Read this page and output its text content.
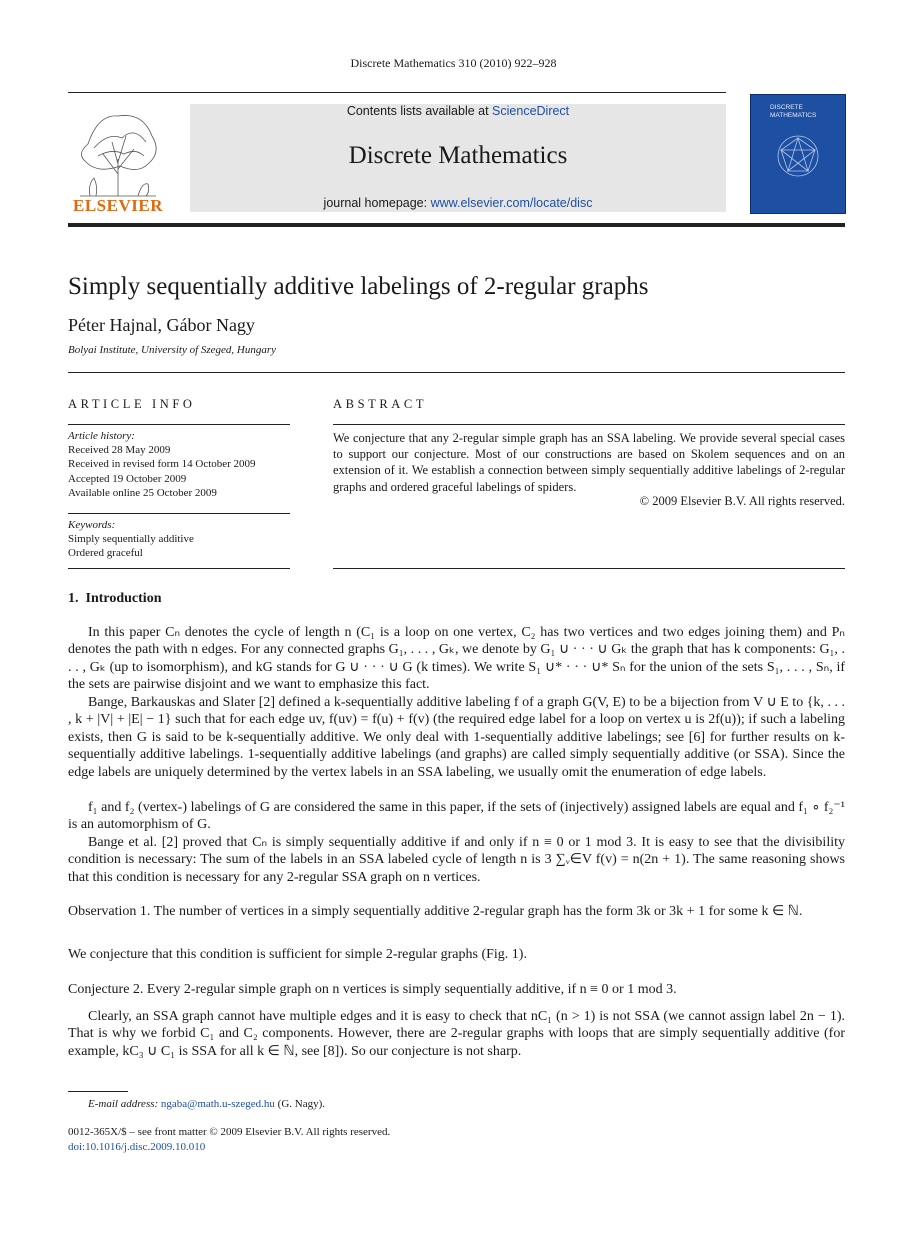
Discrete Mathematics 310 (2010) 922–928
ELSEVIER
Contents lists available at ScienceDirect
Discrete Mathematics
journal homepage: www.elsevier.com/locate/disc
DISCRETE MATHEMATICS
Simply sequentially additive labelings of 2-regular graphs
Péter Hajnal, Gábor Nagy
Bolyai Institute, University of Szeged, Hungary
ARTICLE INFO
Article history:
Received 28 May 2009
Received in revised form 14 October 2009
Accepted 19 October 2009
Available online 25 October 2009
Keywords:
Simply sequentially additive
Ordered graceful
ABSTRACT
We conjecture that any 2-regular simple graph has an SSA labeling. We provide several special cases to support our conjecture. Most of our constructions are based on Skolem sequences and on an extension of it. We establish a connection between simply sequentially additive labelings of 2-regular graphs and ordered graceful labelings of spiders.
© 2009 Elsevier B.V. All rights reserved.
1. Introduction
In this paper Cₙ denotes the cycle of length n (C₁ is a loop on one vertex, C₂ has two vertices and two edges joining them) and Pₙ denotes the path with n edges. For any connected graphs G₁, . . . , Gₖ, we denote by G₁ ∪ · · · ∪ Gₖ the graph that has k components: G₁, . . . , Gₖ (up to isomorphism), and kG stands for G ∪ · · · ∪ G (k times). We write S₁ ∪* · · · ∪* Sₙ for the union of the sets S₁, . . . , Sₙ, if the sets are pairwise disjoint and we want to emphasize this fact.
Bange, Barkauskas and Slater [2] defined a k-sequentially additive labeling f of a graph G(V, E) to be a bijection from V ∪ E to {k, . . . , k + |V| + |E| − 1} such that for each edge uv, f(uv) = f(u) + f(v) (the required edge label for a loop on vertex u is 2f(u)); if such a labeling exists, then G is said to be k-sequentially additive. We only deal with 1-sequentially additive labelings; see [6] for further results on k-sequentially additive labelings. 1-sequentially additive labelings (and graphs) are called simply sequentially additive (or SSA). Since the edge labels are uniquely determined by the vertex labels in an SSA labeling, we usually omit the enumeration of edge labels.
f₁ and f₂ (vertex-) labelings of G are considered the same in this paper, if the sets of (injectively) assigned labels are equal and f₁ ∘ f₂⁻¹ is an automorphism of G.
Bange et al. [2] proved that Cₙ is simply sequentially additive if and only if n ≡ 0 or 1 mod 3. It is easy to see that the divisibility condition is necessary: The sum of the labels in an SSA labeled cycle of length n is 3 ∑ᵥ∈V f(v) = n(2n + 1). The same reasoning shows that this condition is necessary for any 2-regular SSA graph on n vertices.
Observation 1. The number of vertices in a simply sequentially additive 2-regular graph has the form 3k or 3k + 1 for some k ∈ ℕ.
We conjecture that this condition is sufficient for simple 2-regular graphs (Fig. 1).
Conjecture 2. Every 2-regular simple graph on n vertices is simply sequentially additive, if n ≡ 0 or 1 mod 3.
Clearly, an SSA graph cannot have multiple edges and it is easy to check that nC₁ (n > 1) is not SSA (we cannot assign label 2n − 1). That is why we forbid C₁ and C₂ components. However, there are 2-regular graphs with loops that are simply sequentially additive (for example, kC₃ ∪ C₁ is SSA for all k ∈ ℕ, see [8]). So our conjecture is not sharp.
E-mail address: ngaba@math.u-szeged.hu (G. Nagy).
0012-365X/$ – see front matter © 2009 Elsevier B.V. All rights reserved.
doi:10.1016/j.disc.2009.10.010
